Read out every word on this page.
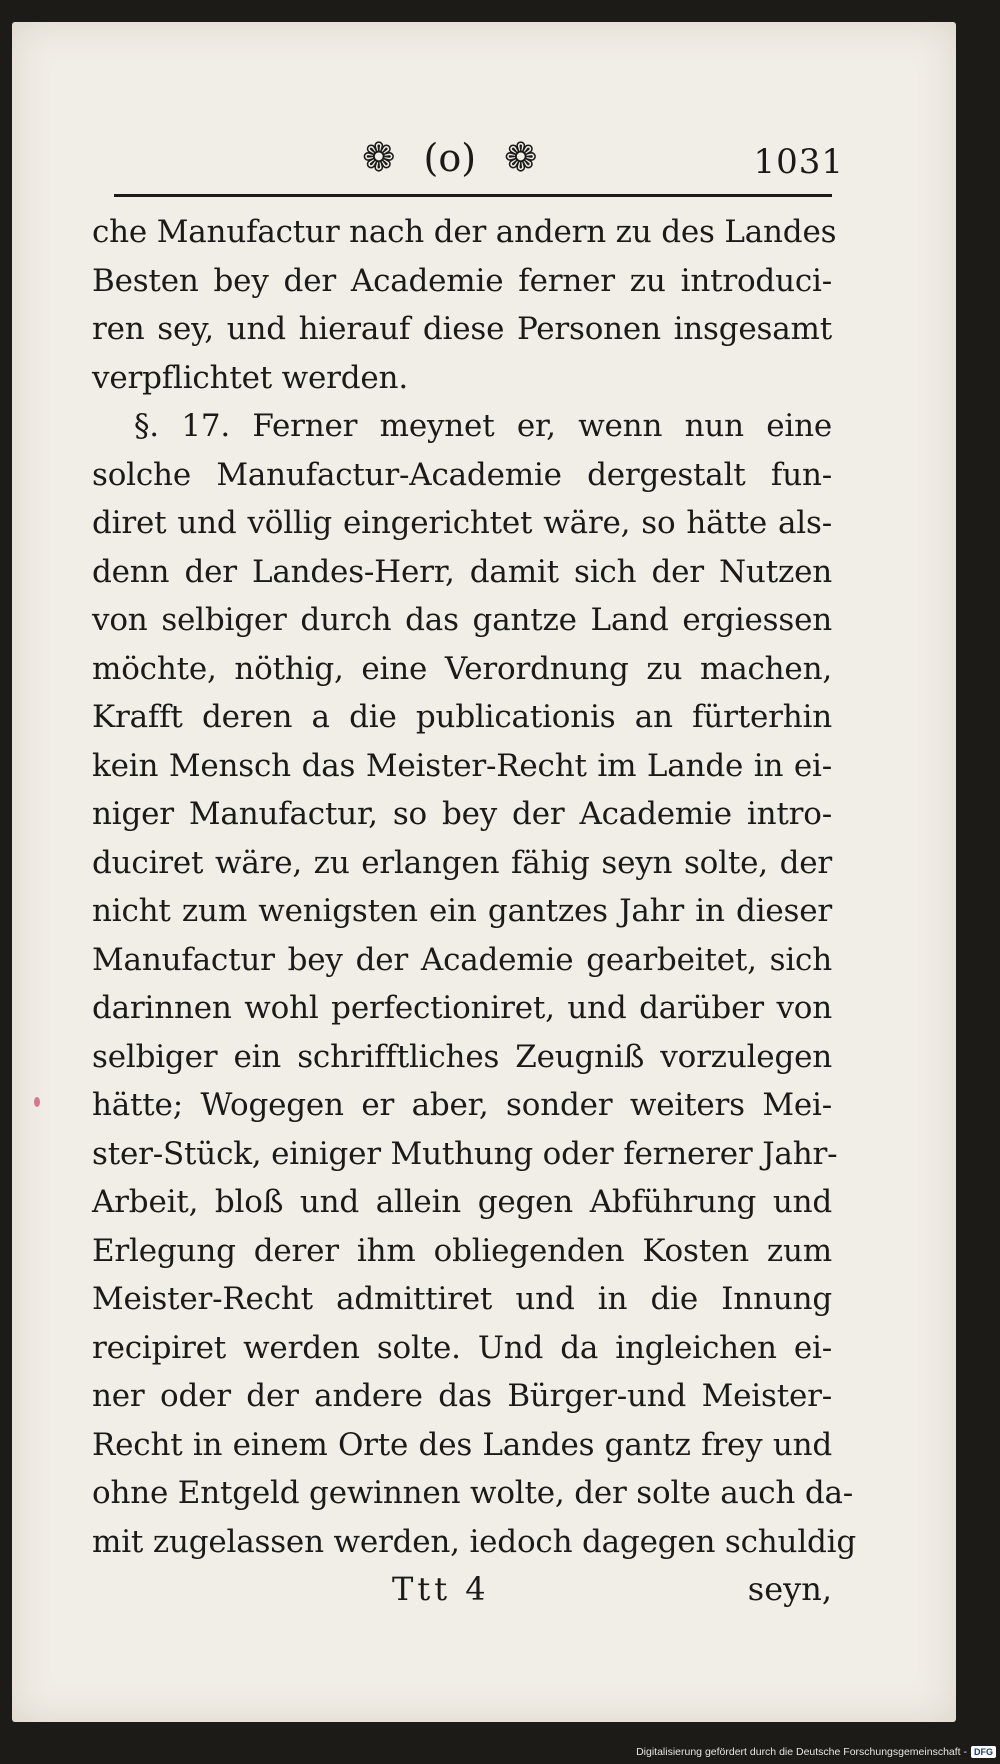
❁ (o) ❁	1031
che Manufactur nach der andern zu des Landes
Besten bey der Academie ferner zu introduci-
ren sey, und hierauf diese Personen insgesamt
verpflichtet werden.
§. 17. Ferner meynet er, wenn nun eine
solche Manufactur-Academie dergestalt fun-
diret und völlig eingerichtet wäre, so hätte als-
denn der Landes-Herr, damit sich der Nutzen
von selbiger durch das gantze Land ergiessen
möchte, nöthig, eine Verordnung zu machen,
Krafft deren a die publicationis an fürterhin
kein Mensch das Meister-Recht im Lande in ei-
niger Manufactur, so bey der Academie intro-
duciret wäre, zu erlangen fähig seyn solte, der
nicht zum wenigsten ein gantzes Jahr in dieser
Manufactur bey der Academie gearbeitet, sich
darinnen wohl perfectioniret, und darüber von
selbiger ein schrifftliches Zeugniß vorzulegen
hätte; Wogegen er aber, sonder weiters Mei-
ster-Stück, einiger Muthung oder fernerer Jahr-
Arbeit, bloß und allein gegen Abführung und
Erlegung derer ihm obliegenden Kosten zum
Meister-Recht admittiret und in die Innung
recipiret werden solte. Und da ingleichen ei-
ner oder der andere das Bürger-und Meister-
Recht in einem Orte des Landes gantz frey und
ohne Entgeld gewinnen wolte, der solte auch da-
mit zugelassen werden, iedoch dagegen schuldig
Ttt 4	seyn,
Digitalisierung gefördert durch die Deutsche Forschungsgemeinschaft - DFG
